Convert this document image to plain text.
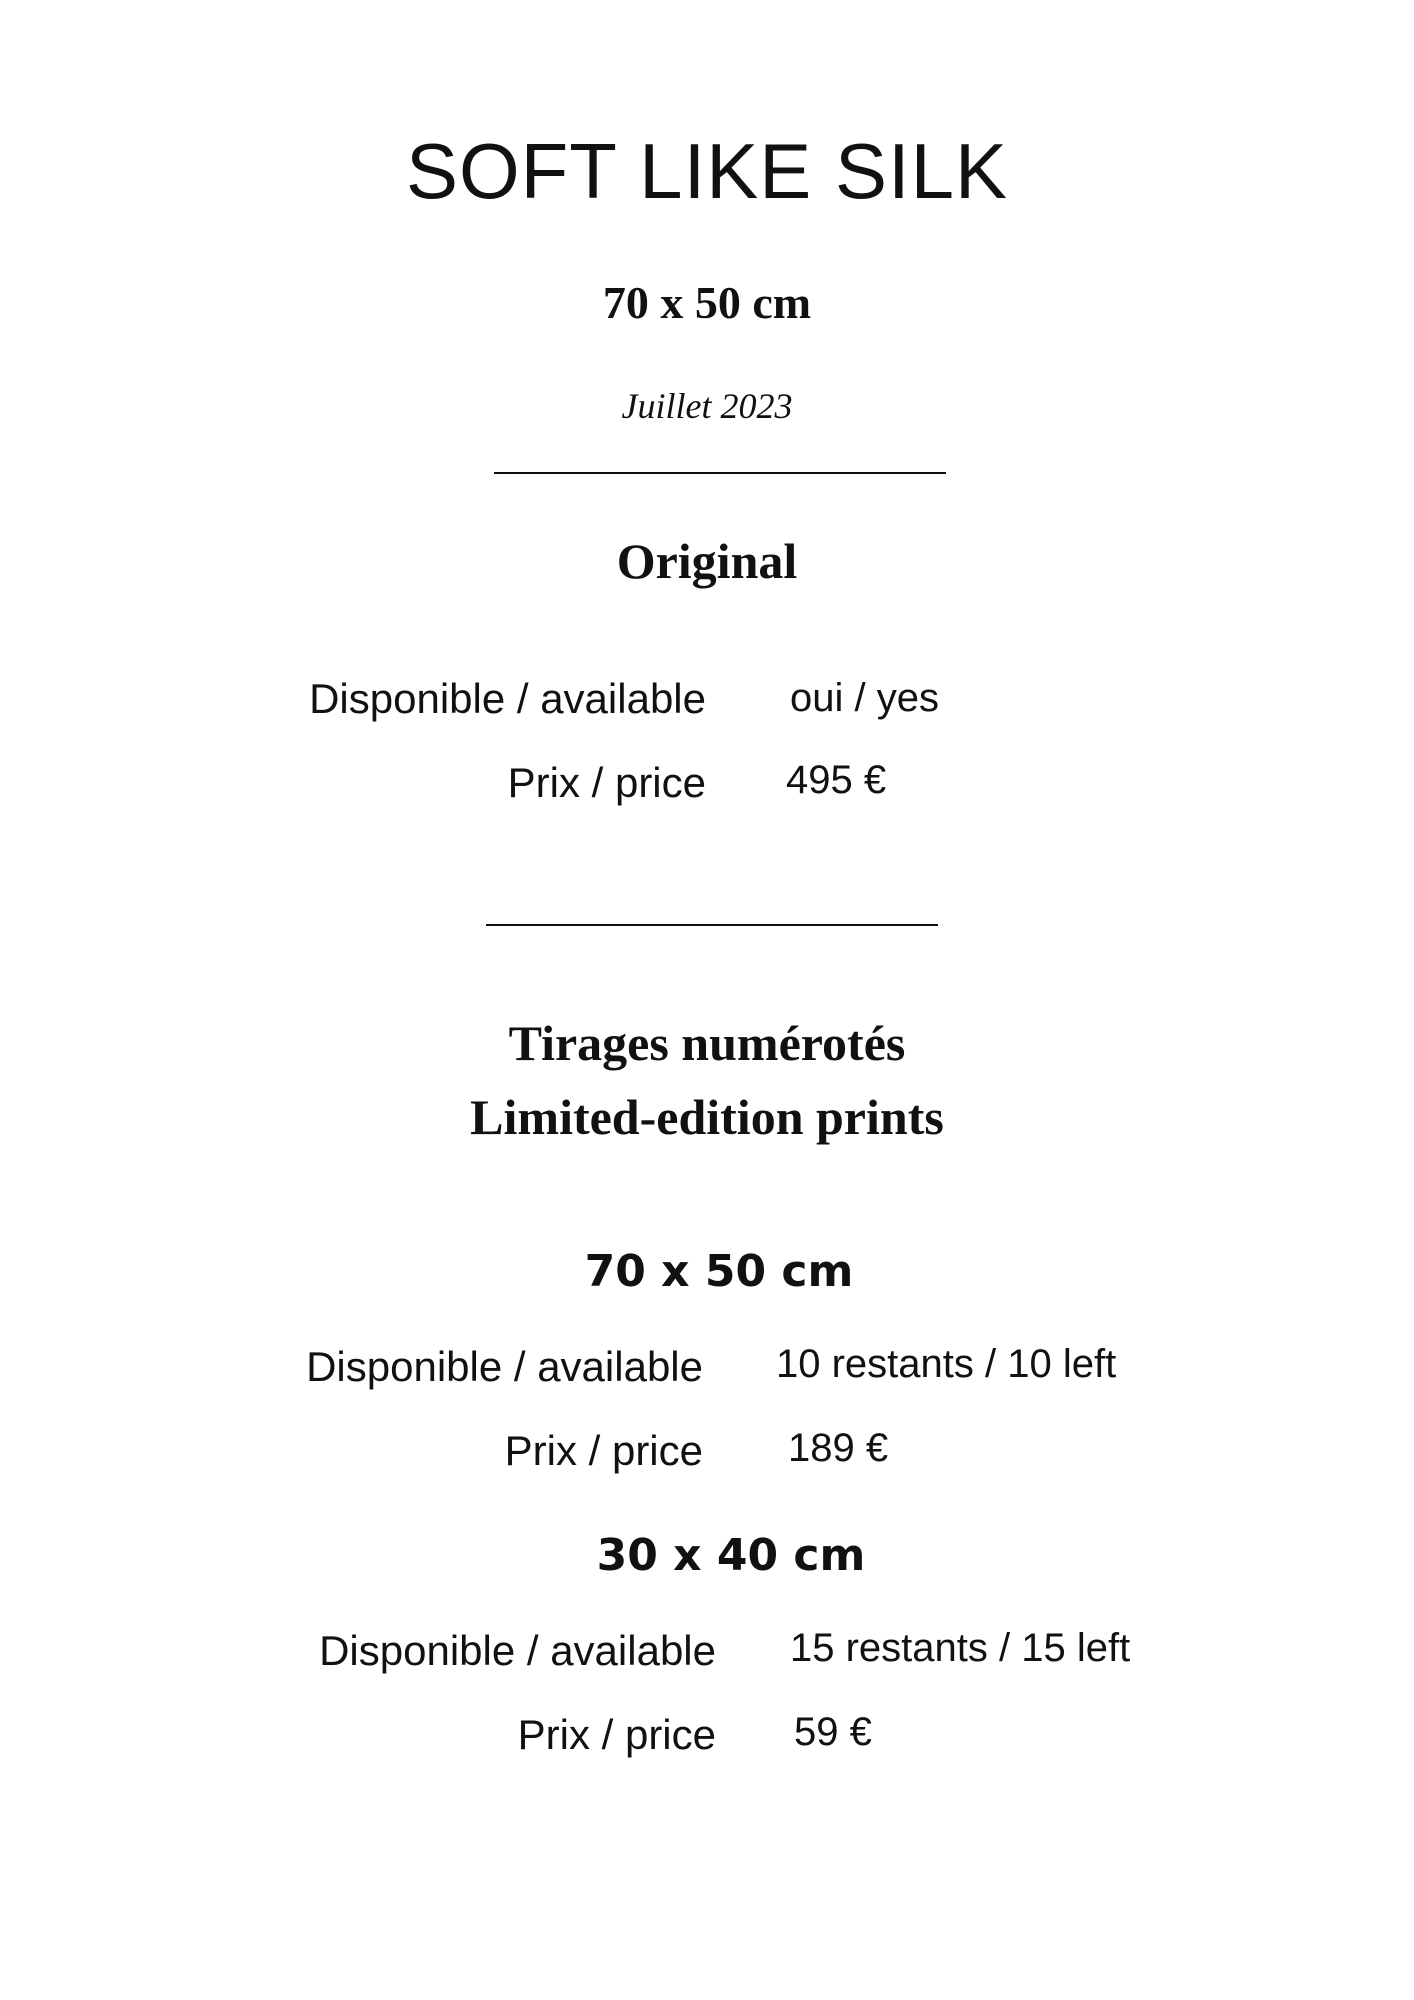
SOFT LIKE SILK
70 x 50 cm
Juillet 2023
Original
Disponible / available oui / yes
Prix / price 495 €
Tirages numérotés
Limited-edition prints
70 x 50 cm
Disponible / available 10 restants / 10 left
Prix / price 189 €
30 x 40 cm
Disponible / available 15 restants / 15 left
Prix / price 59 €
